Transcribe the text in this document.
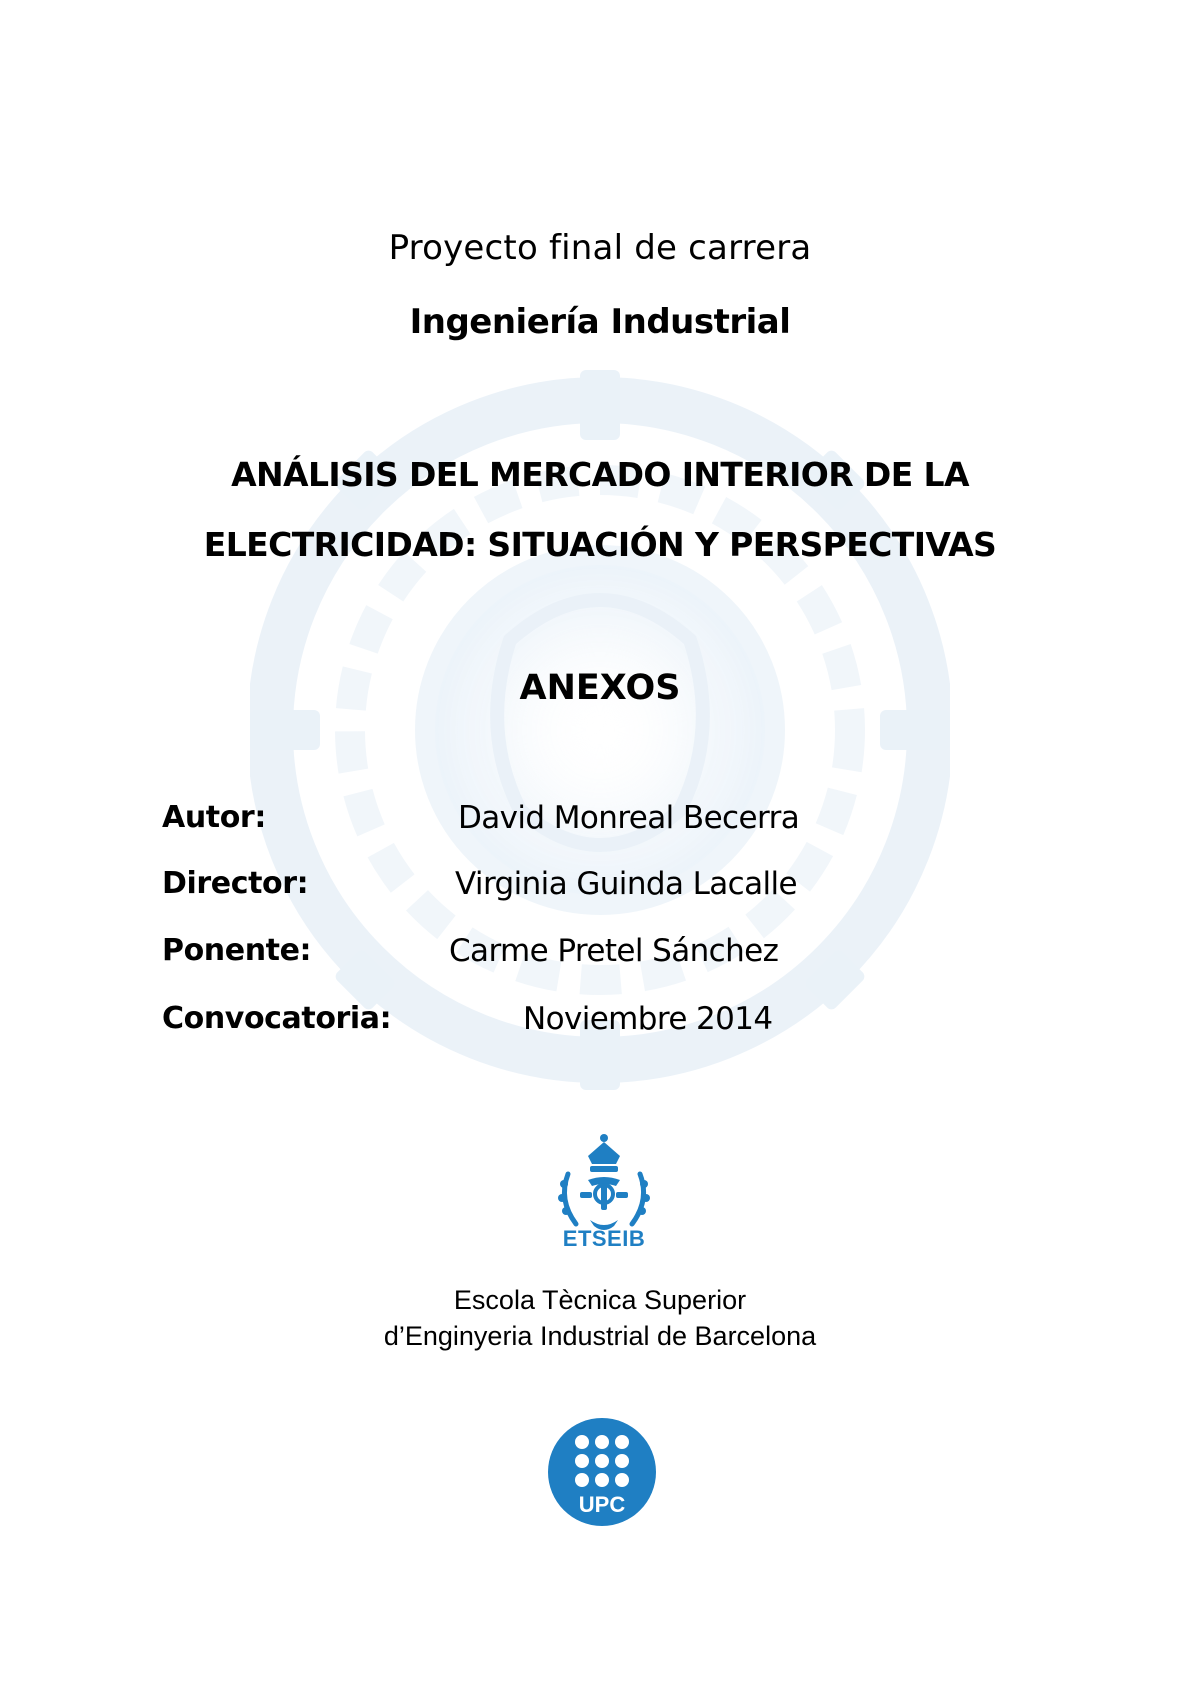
Proyecto final de carrera
Ingeniería Industrial
ANÁLISIS DEL MERCADO INTERIOR DE LA
ELECTRICIDAD: SITUACIÓN Y PERSPECTIVAS
ANEXOS
Autor:	David Monreal Becerra
Director:	Virginia Guinda Lacalle
Ponente:	Carme Pretel Sánchez
Convocatoria:	Noviembre 2014
ETSEIB
Escola Tècnica Superior
d’Enginyeria Industrial de Barcelona
UPC
